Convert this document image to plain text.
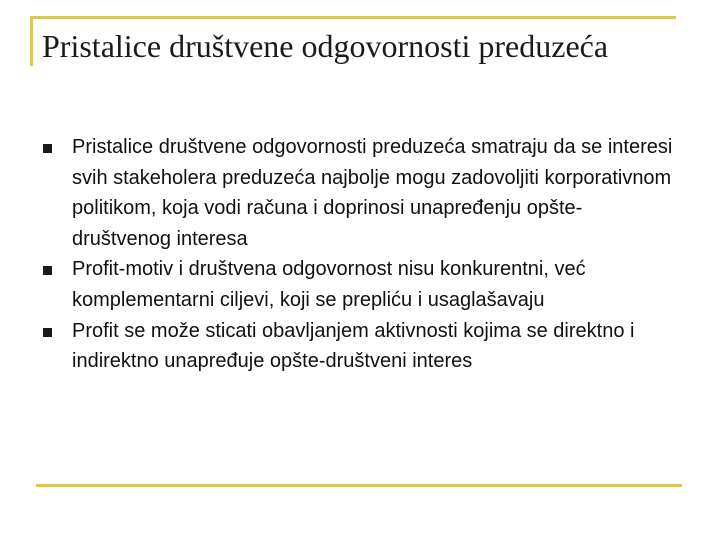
Pristalice društvene odgovornosti preduzeća
Pristalice društvene odgovornosti preduzeća smatraju da se interesi svih stakeholera preduzeća najbolje mogu zadovoljiti korporativnom politikom, koja vodi računa i doprinosi unapređenju opšte-društvenog interesa
Profit-motiv i društvena odgovornost nisu konkurentni, već komplementarni ciljevi, koji se prepliću i usaglašavaju
Profit se može sticati obavljanjem aktivnosti kojima se direktno i indirektno unapređuje opšte-društveni interes
